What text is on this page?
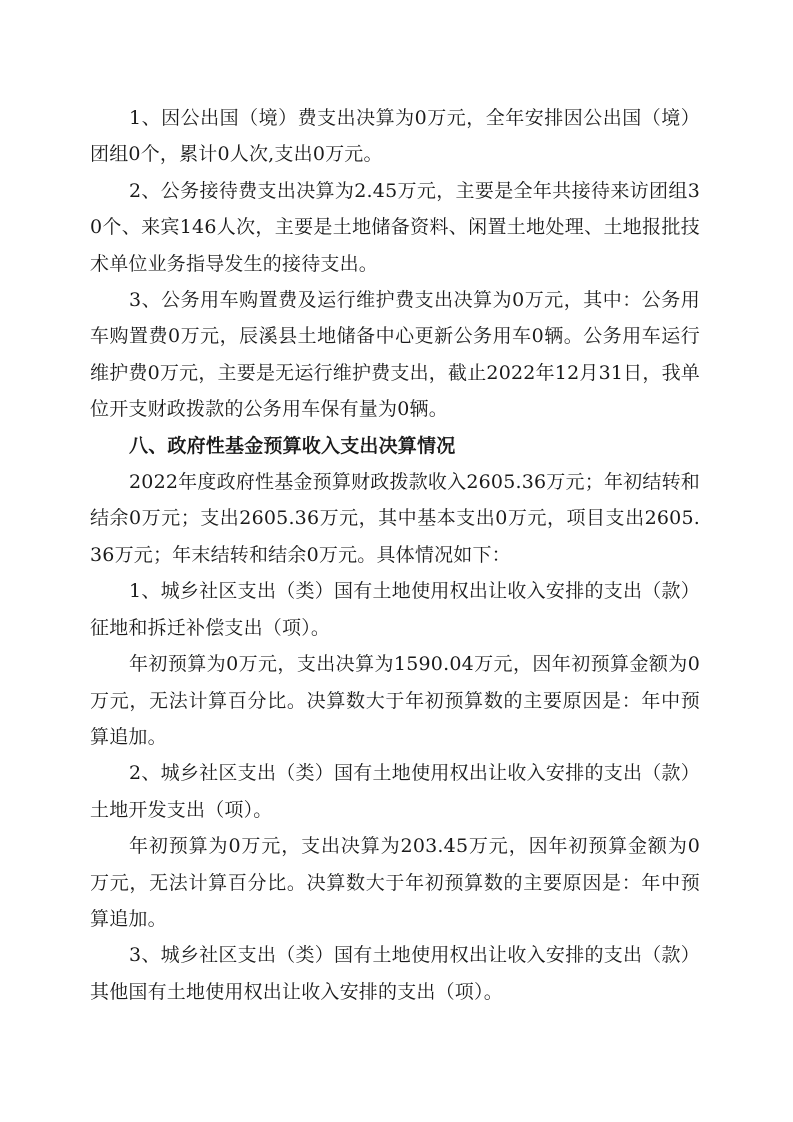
1、因公出国（境）费支出决算为0万元，全年安排因公出国（境）团组0个，累计0人次,支出0万元。

2、公务接待费支出决算为2.45万元，主要是全年共接待来访团组30个、来宾146人次，主要是土地储备资料、闲置土地处理、土地报批技术单位业务指导发生的接待支出。

3、公务用车购置费及运行维护费支出决算为0万元，其中：公务用车购置费0万元，辰溪县土地储备中心更新公务用车0辆。公务用车运行维护费0万元，主要是无运行维护费支出，截止2022年12月31日，我单位开支财政拨款的公务用车保有量为0辆。

八、政府性基金预算收入支出决算情况

2022年度政府性基金预算财政拨款收入2605.36万元；年初结转和结余0万元；支出2605.36万元，其中基本支出0万元，项目支出2605.36万元；年末结转和结余0万元。具体情况如下：

1、城乡社区支出（类）国有土地使用权出让收入安排的支出（款）征地和拆迁补偿支出（项）。

年初预算为0万元，支出决算为1590.04万元，因年初预算金额为0万元，无法计算百分比。决算数大于年初预算数的主要原因是：年中预算追加。

2、城乡社区支出（类）国有土地使用权出让收入安排的支出（款）土地开发支出（项）。

年初预算为0万元，支出决算为203.45万元，因年初预算金额为0万元，无法计算百分比。决算数大于年初预算数的主要原因是：年中预算追加。

3、城乡社区支出（类）国有土地使用权出让收入安排的支出（款）其他国有土地使用权出让收入安排的支出（项）。
